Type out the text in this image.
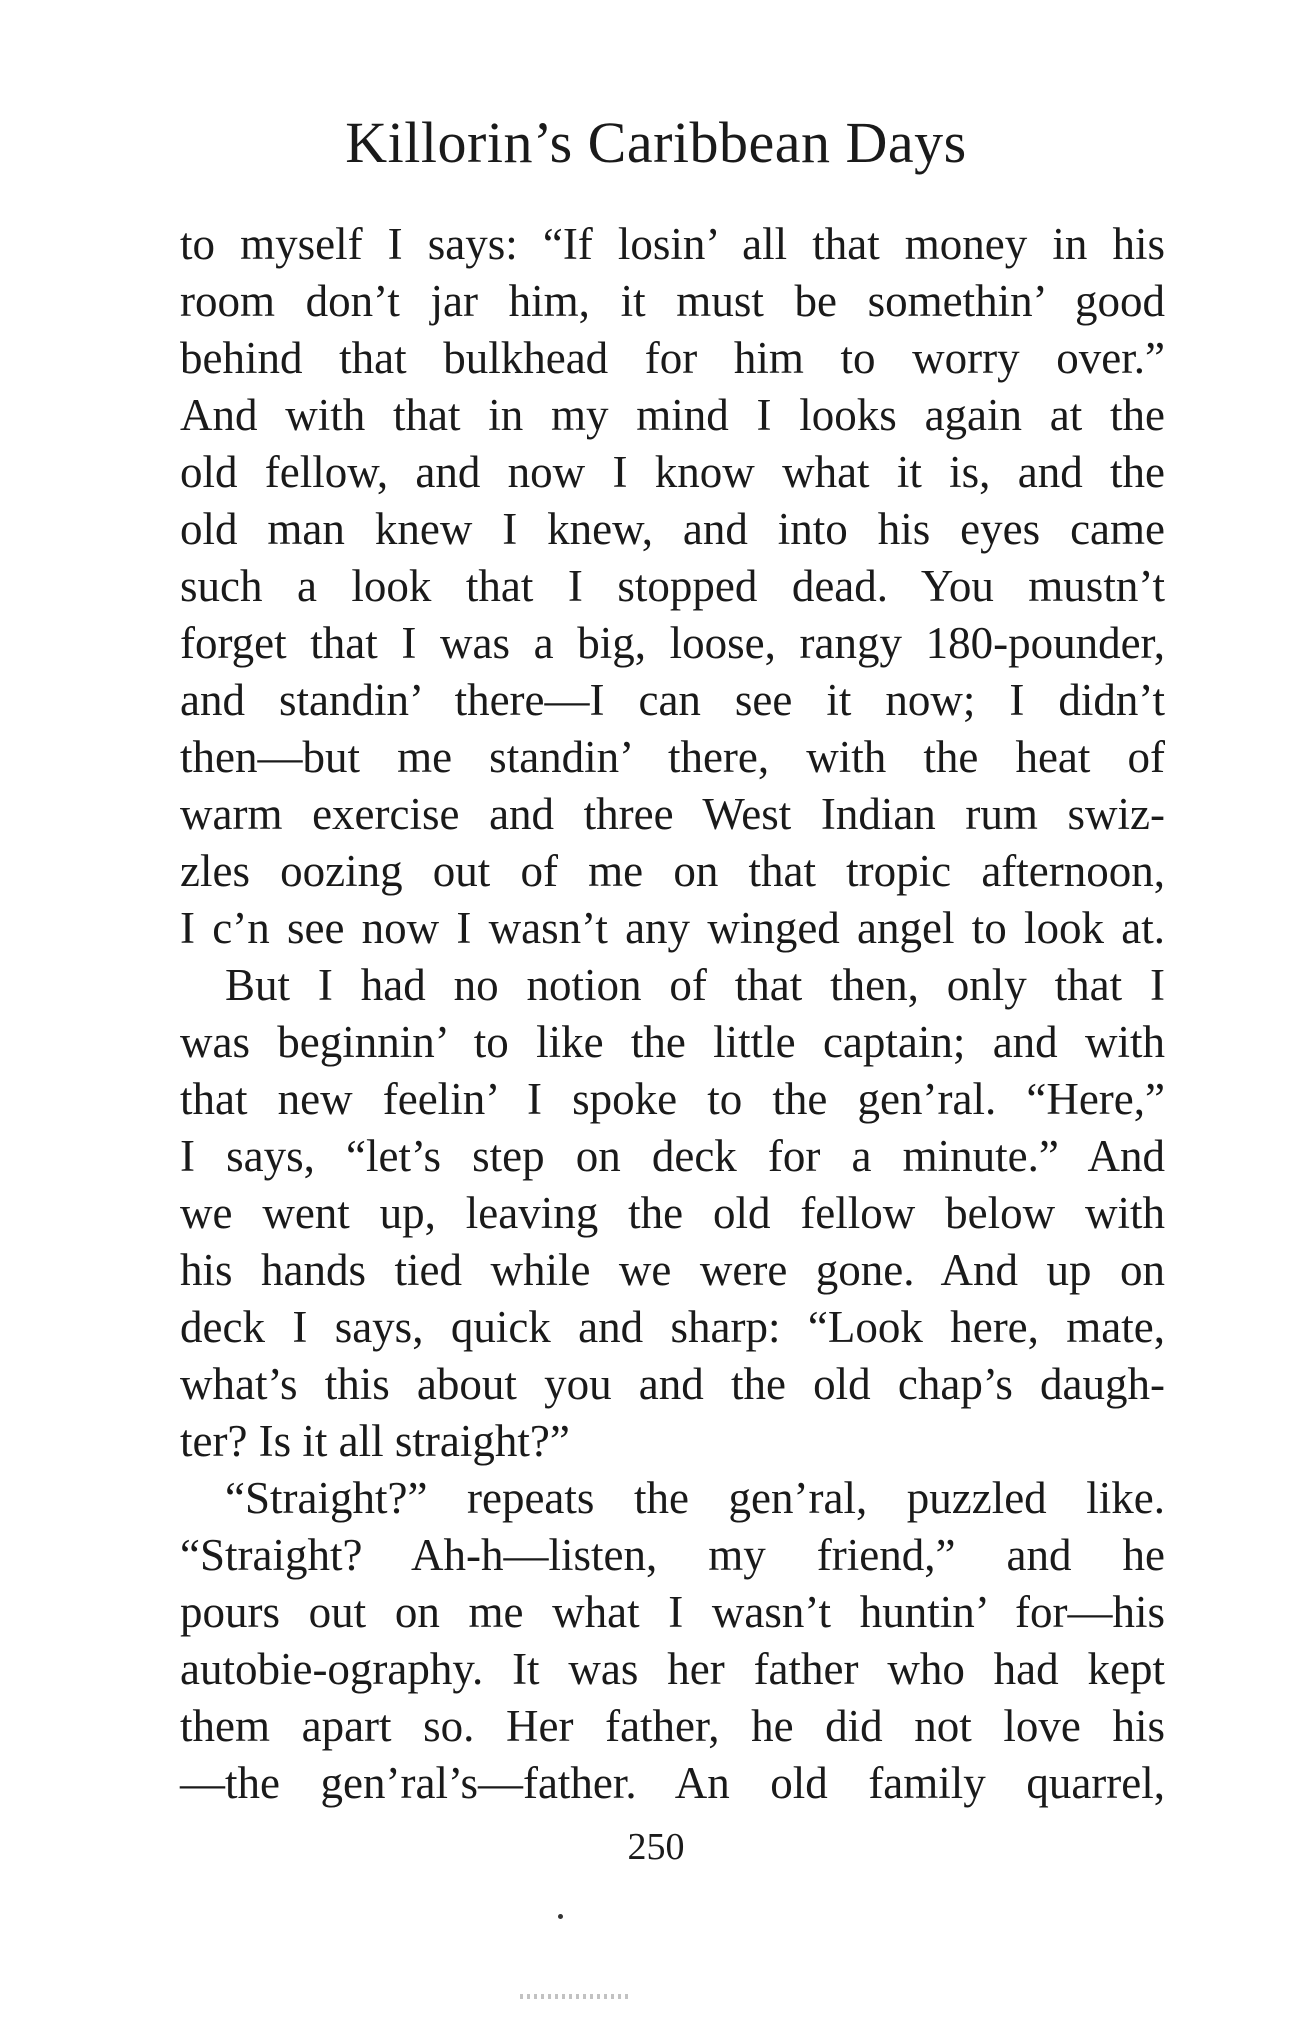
Killorin’s Caribbean Days
to myself I says: “If losin’ all that money in his
room don’t jar him, it must be somethin’ good
behind that bulkhead for him to worry over.”
And with that in my mind I looks again at the
old fellow, and now I know what it is, and the
old man knew I knew, and into his eyes came
such a look that I stopped dead. You mustn’t
forget that I was a big, loose, rangy 180-pounder,
and standin’ there—I can see it now; I didn’t
then—but me standin’ there, with the heat of
warm exercise and three West Indian rum swiz-
zles oozing out of me on that tropic afternoon,
I c’n see now I wasn’t any winged angel to look at.
But I had no notion of that then, only that I
was beginnin’ to like the little captain; and with
that new feelin’ I spoke to the gen’ral. “Here,”
I says, “let’s step on deck for a minute.” And
we went up, leaving the old fellow below with
his hands tied while we were gone. And up on
deck I says, quick and sharp: “Look here, mate,
what’s this about you and the old chap’s daugh-
ter? Is it all straight?”
“Straight?” repeats the gen’ral, puzzled like.
“Straight? Ah-h—listen, my friend,” and he
pours out on me what I wasn’t huntin’ for—his
autobie-ography. It was her father who had kept
them apart so. Her father, he did not love his
—the gen’ral’s—father. An old family quarrel,
250
